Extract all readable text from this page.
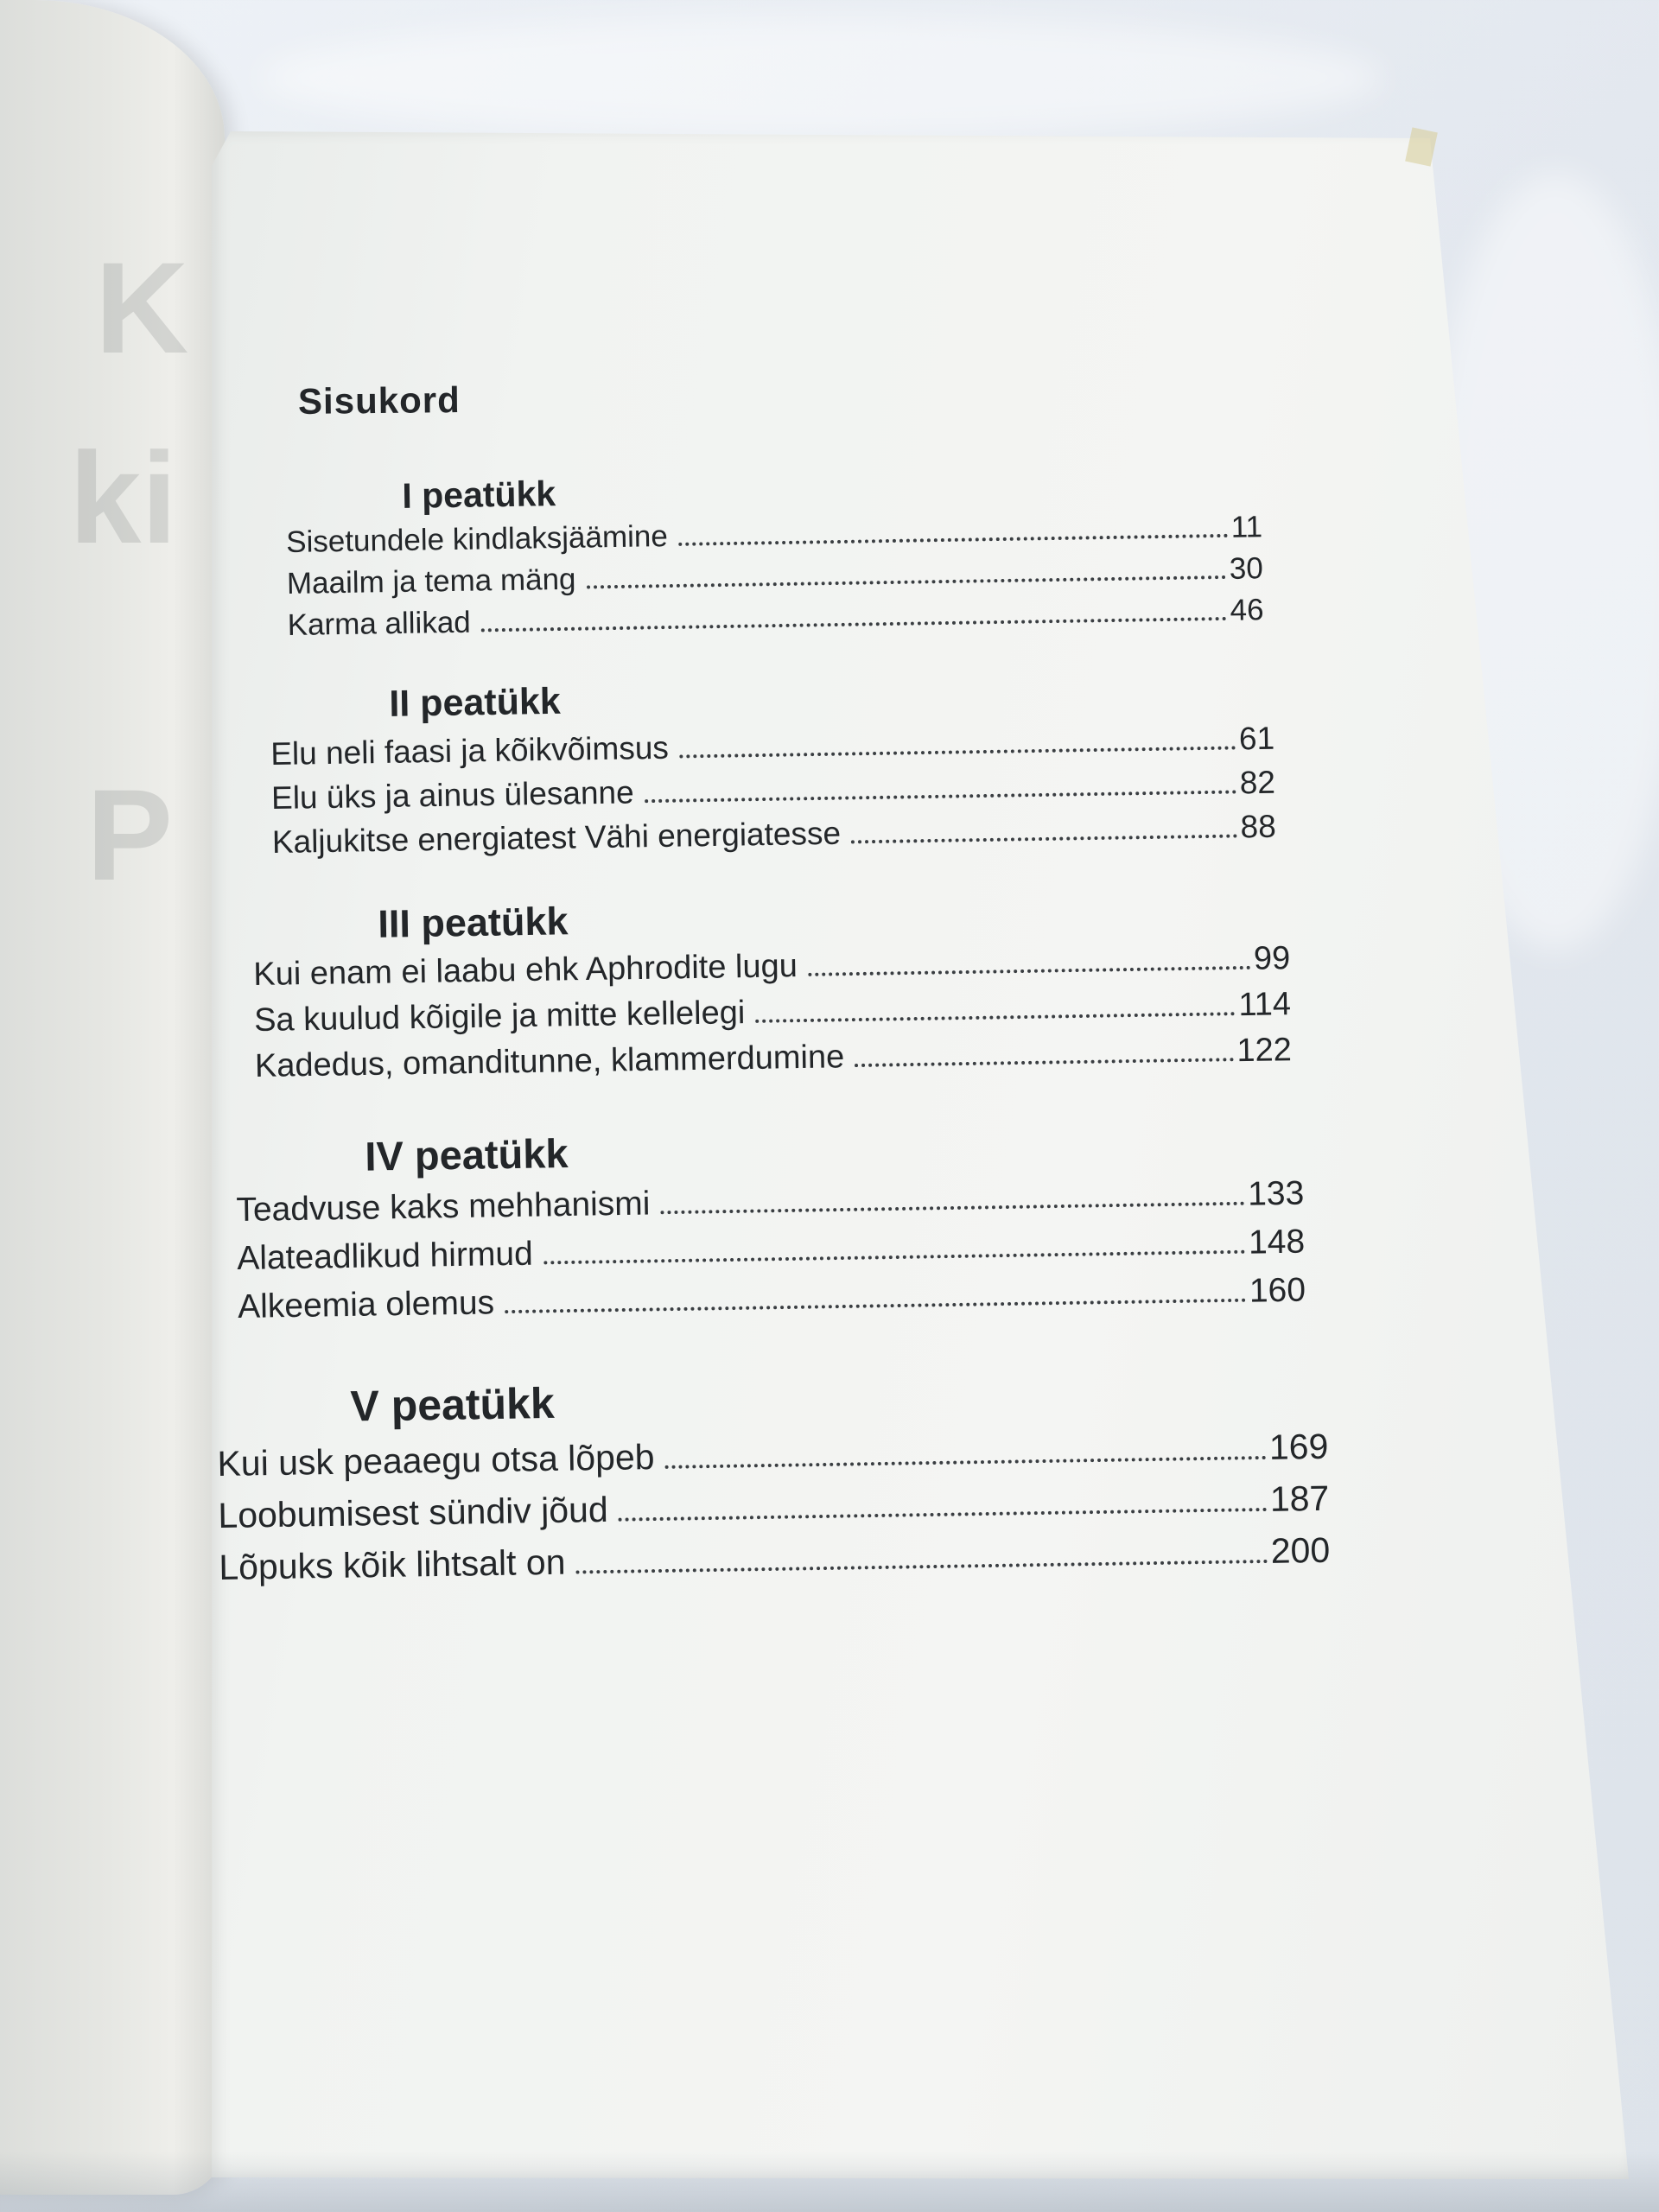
K
ki
P
Sisukord
I peatükk
Sisetundele kindlaksjäämine	11
Maailm ja tema mäng	30
Karma allikad	46
II peatükk
Elu neli faasi ja kõikvõimsus	61
Elu üks ja ainus ülesanne	82
Kaljukitse energiatest Vähi energiatesse	88
III peatükk
Kui enam ei laabu ehk Aphrodite lugu	99
Sa kuulud kõigile ja mitte kellelegi	114
Kadedus, omanditunne, klammerdumine	122
IV peatükk
Teadvuse kaks mehhanismi	133
Alateadlikud hirmud	148
Alkeemia olemus	160
V peatükk
Kui usk peaaegu otsa lõpeb	169
Loobumisest sündiv jõud	187
Lõpuks kõik lihtsalt on	200
